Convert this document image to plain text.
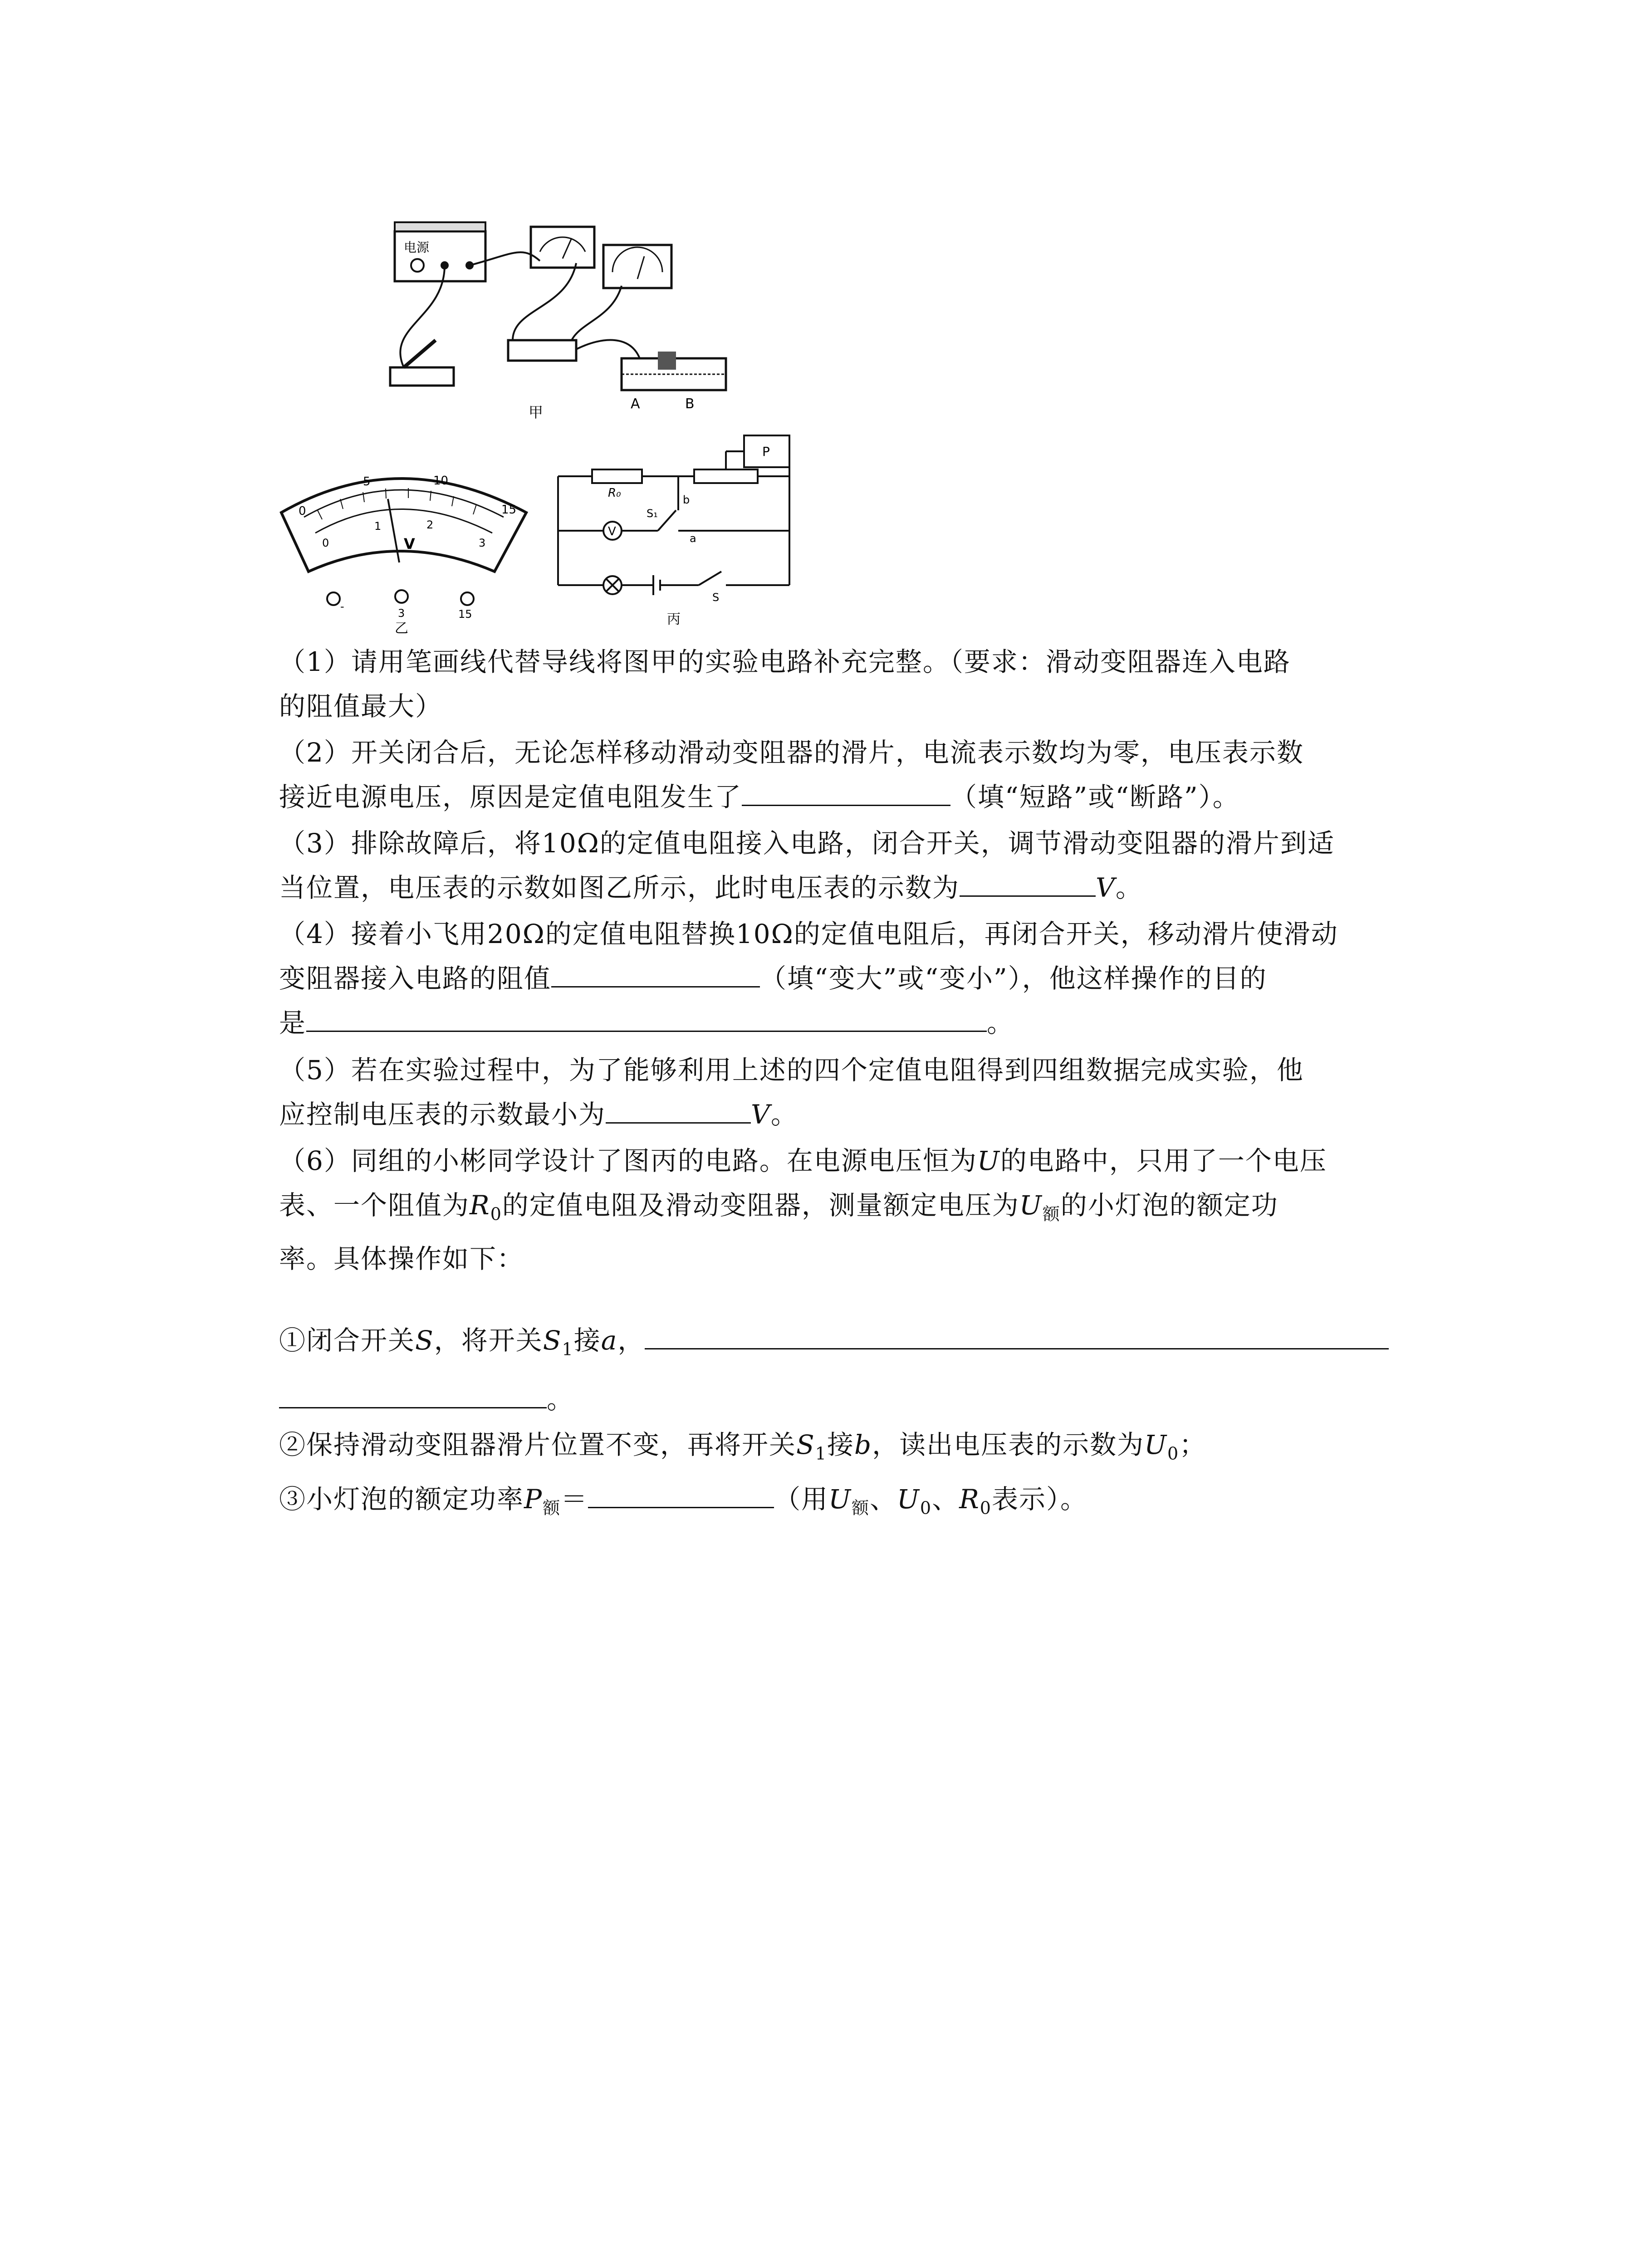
电源
A	B
甲
0
5	10
15
0
1	2
3
V
-
3	15
乙
R₀
P
S₁
b
a
V
S
丙
（1）请用笔画线代替导线将图甲的实验电路补充完整。（要求：滑动变阻器连入电路
的阻值最大）
（2）开关闭合后，无论怎样移动滑动变阻器的滑片，电流表示数均为零，电压表示数
接近电源电压，原因是定值电阻发生了	（填“短路”或“断路”）。
（3）排除故障后，将10Ω的定值电阻接入电路，闭合开关，调节滑动变阻器的滑片到适
当位置，电压表的示数如图乙所示，此时电压表的示数为	V。
（4）接着小飞用20Ω的定值电阻替换10Ω的定值电阻后，再闭合开关，移动滑片使滑动
变阻器接入电路的阻值	（填“变大”或“变小”），他这样操作的目的
是	。
（5）若在实验过程中，为了能够利用上述的四个定值电阻得到四组数据完成实验，他
应控制电压表的示数最小为	V。
（6）同组的小彬同学设计了图丙的电路。在电源电压恒为U的电路中，只用了一个电压
表、一个阻值为$R_0$的定值电阻及滑动变阻器，测量额定电压为$U_额$的小灯泡的额定功
率。具体操作如下：
①闭合开关S，将开关$S_1$接a，
。
②保持滑动变阻器滑片位置不变，再将开关$S_1$接b，读出电压表的示数为$U_0$；
③小灯泡的额定功率$P_额=$	（用$U_额$、$U_0$、$R_0$表示）。
